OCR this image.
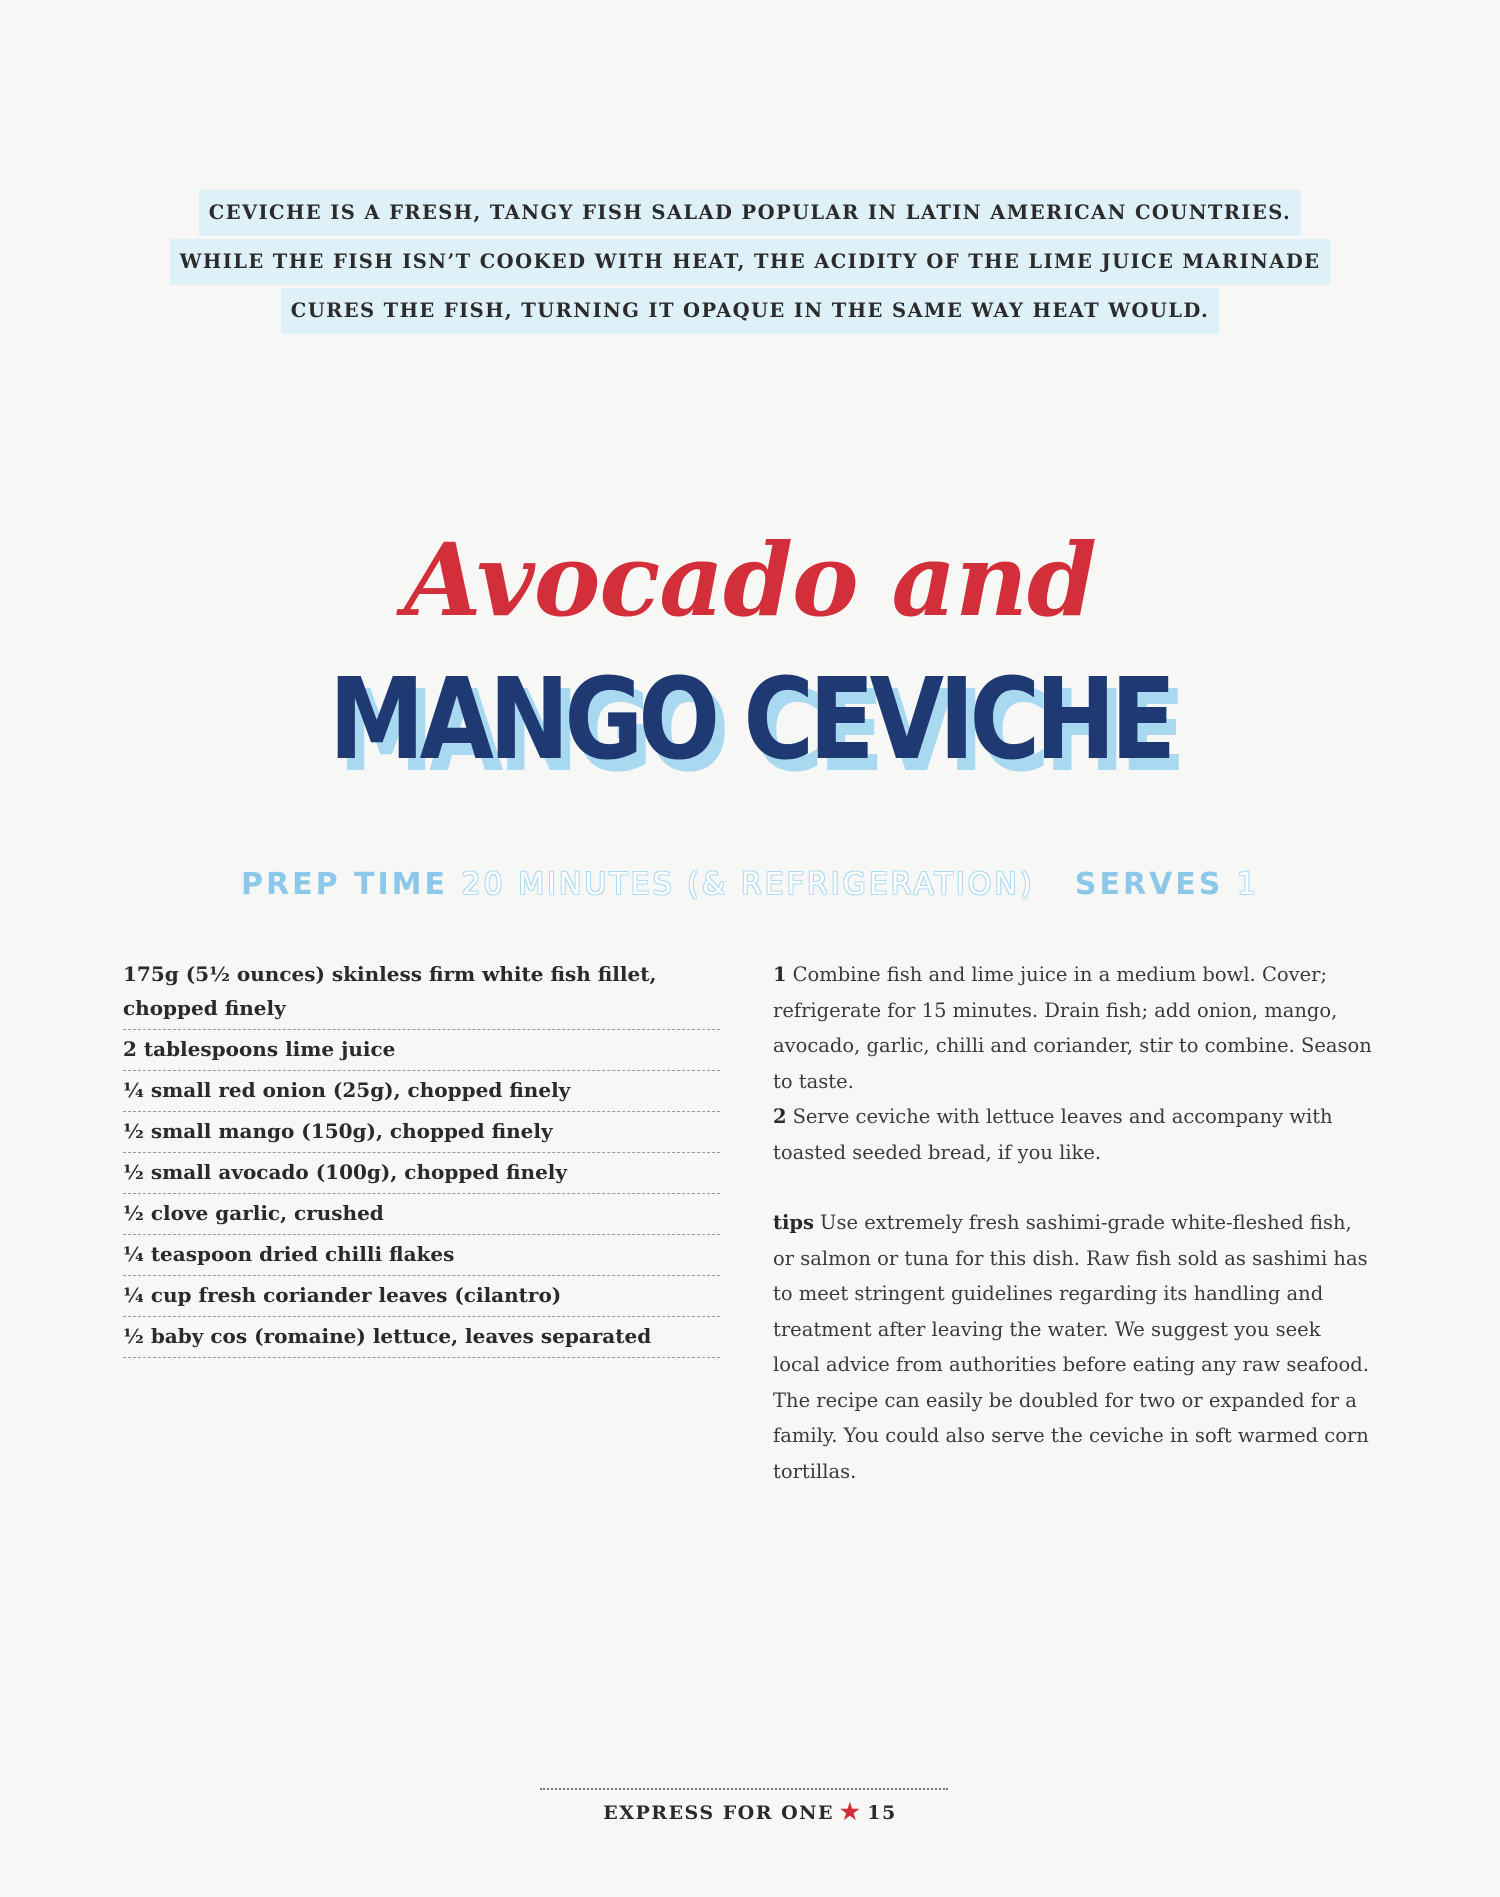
CEVICHE IS A FRESH, TANGY FISH SALAD POPULAR IN LATIN AMERICAN COUNTRIES.
WHILE THE FISH ISN’T COOKED WITH HEAT, THE ACIDITY OF THE LIME JUICE MARINADE
CURES THE FISH, TURNING IT OPAQUE IN THE SAME WAY HEAT WOULD.
Avocado and
MANGO CEVICHE
PREP TIME 20 MINUTES (& REFRIGERATION) SERVES 1
175g (5½ ounces) skinless firm white fish fillet, chopped finely
2 tablespoons lime juice
¼ small red onion (25g), chopped finely
½ small mango (150g), chopped finely
½ small avocado (100g), chopped finely
½ clove garlic, crushed
¼ teaspoon dried chilli flakes
¼ cup fresh coriander leaves (cilantro)
½ baby cos (romaine) lettuce, leaves separated

1 Combine fish and lime juice in a medium bowl. Cover; refrigerate for 15 minutes. Drain fish; add onion, mango, avocado, garlic, chilli and coriander, stir to combine. Season to taste.

2 Serve ceviche with lettuce leaves and accompany with toasted seeded bread, if you like.

tips Use extremely fresh sashimi-grade white-fleshed fish, or salmon or tuna for this dish. Raw fish sold as sashimi has to meet stringent guidelines regarding its handling and treatment after leaving the water. We suggest you seek local advice from authorities before eating any raw seafood. The recipe can easily be doubled for two or expanded for a family. You could also serve the ceviche in soft warmed corn tortillas.

EXPRESS FOR ONE ★ 15
